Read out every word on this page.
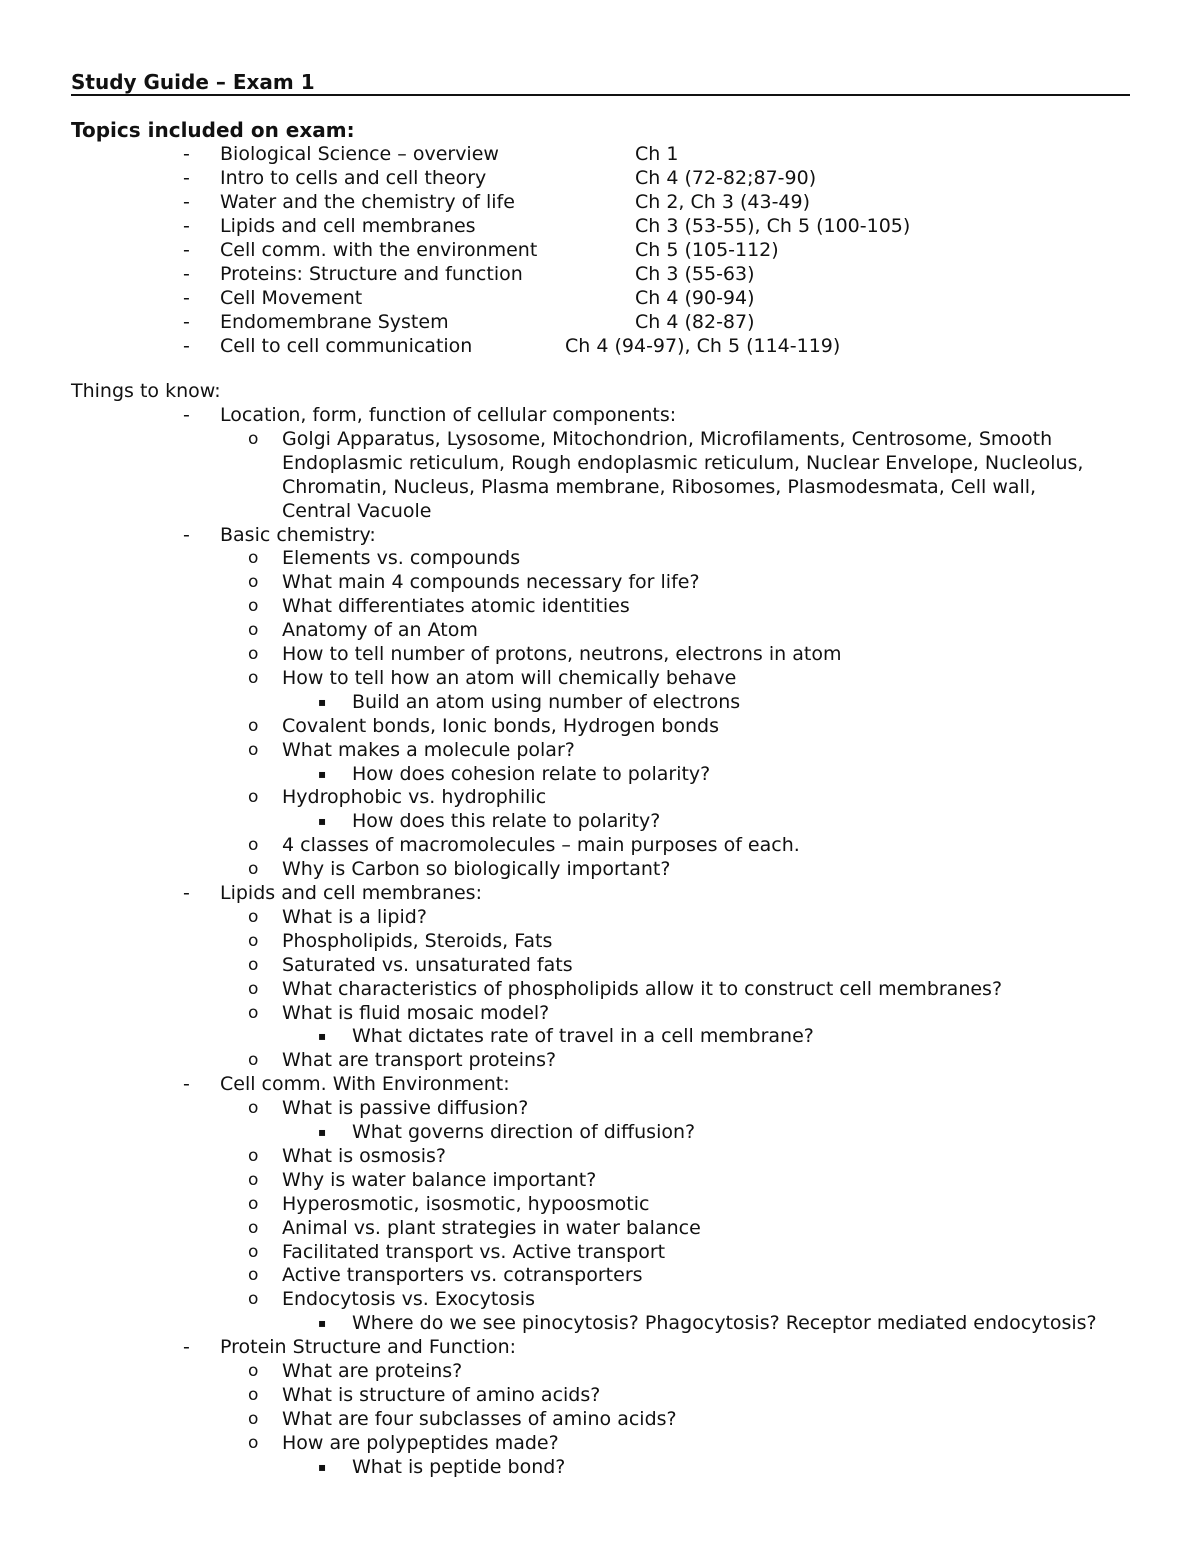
Study Guide – Exam 1
Topics included on exam:
- Biological Science – overview	Ch 1
- Intro to cells and cell theory	Ch 4 (72-82;87-90)
- Water and the chemistry of life	Ch 2, Ch 3 (43-49)
- Lipids and cell membranes	Ch 3 (53-55), Ch 5 (100-105)
- Cell comm. with the environment	Ch 5 (105-112)
- Proteins: Structure and function	Ch 3 (55-63)
- Cell Movement	Ch 4 (90-94)
- Endomembrane System	Ch 4 (82-87)
- Cell to cell communication	Ch 4 (94-97), Ch 5 (114-119)
Things to know:
- Location, form, function of cellular components:
o Golgi Apparatus, Lysosome, Mitochondrion, Microfilaments, Centrosome, Smooth
Endoplasmic reticulum, Rough endoplasmic reticulum, Nuclear Envelope, Nucleolus,
Chromatin, Nucleus, Plasma membrane, Ribosomes, Plasmodesmata, Cell wall,
Central Vacuole
- Basic chemistry:
o Elements vs. compounds
o What main 4 compounds necessary for life?
o What differentiates atomic identities
o Anatomy of an Atom
o How to tell number of protons, neutrons, electrons in atom
o How to tell how an atom will chemically behave
▪ Build an atom using number of electrons
o Covalent bonds, Ionic bonds, Hydrogen bonds
o What makes a molecule polar?
▪ How does cohesion relate to polarity?
o Hydrophobic vs. hydrophilic
▪ How does this relate to polarity?
o 4 classes of macromolecules – main purposes of each.
o Why is Carbon so biologically important?
- Lipids and cell membranes:
o What is a lipid?
o Phospholipids, Steroids, Fats
o Saturated vs. unsaturated fats
o What characteristics of phospholipids allow it to construct cell membranes?
o What is fluid mosaic model?
▪ What dictates rate of travel in a cell membrane?
o What are transport proteins?
- Cell comm. With Environment:
o What is passive diffusion?
▪ What governs direction of diffusion?
o What is osmosis?
o Why is water balance important?
o Hyperosmotic, isosmotic, hypoosmotic
o Animal vs. plant strategies in water balance
o Facilitated transport vs. Active transport
o Active transporters vs. cotransporters
o Endocytosis vs. Exocytosis
▪ Where do we see pinocytosis? Phagocytosis? Receptor mediated endocytosis?
- Protein Structure and Function:
o What are proteins?
o What is structure of amino acids?
o What are four subclasses of amino acids?
o How are polypeptides made?
▪ What is peptide bond?
